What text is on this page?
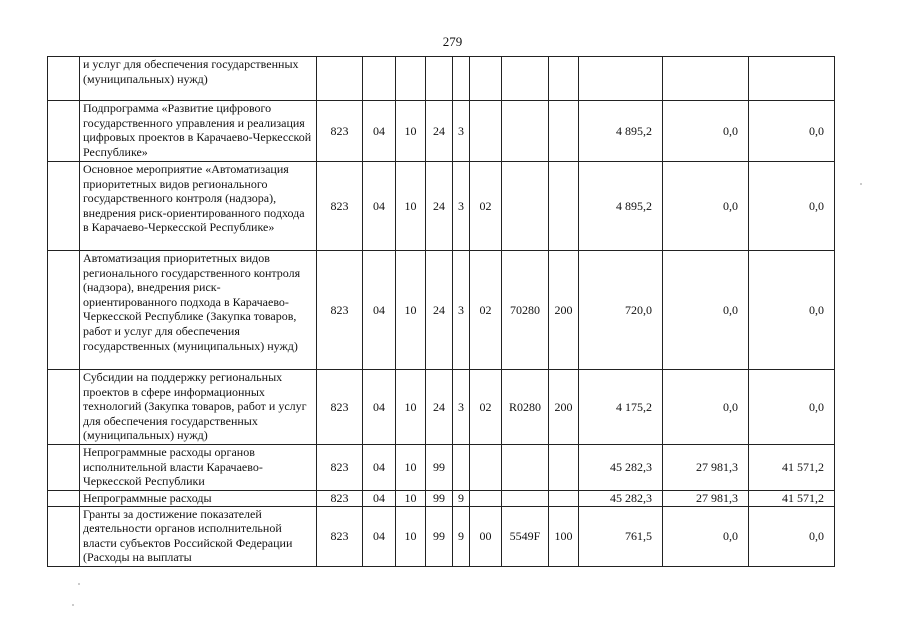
279
	и услуг для обеспечения государственных (муниципальных) нужд)											
	Подпрограмма «Развитие цифрового государственного управления и реализация цифровых проектов в Карачаево-Черкесской Республике»	823	04	10	24	3				4 895,2	0,0	0,0
	Основное мероприятие «Автоматизация приоритетных видов регионального государственного контроля (надзора), внедрения риск-ориентированного подхода в Карачаево-Черкесской Республике»	823	04	10	24	3	02			4 895,2	0,0	0,0
	Автоматизация приоритетных видов регионального государственного контроля (надзора), внедрения риск-ориентированного подхода в Карачаево-Черкесской Республике (Закупка товаров, работ и услуг для обеспечения государственных (муниципальных) нужд)	823	04	10	24	3	02	70280	200	720,0	0,0	0,0
	Субсидии на поддержку региональных проектов в сфере информационных технологий (Закупка товаров, работ и услуг для обеспечения государственных (муниципальных) нужд)	823	04	10	24	3	02	R0280	200	4 175,2	0,0	0,0
	Непрограммные расходы органов исполнительной власти Карачаево-Черкесской Республики	823	04	10	99					45 282,3	27 981,3	41 571,2
	Непрограммные расходы	823	04	10	99	9				45 282,3	27 981,3	41 571,2
	Гранты за достижение показателей деятельности органов исполнительной власти субъектов Российской Федерации (Расходы на выплаты	823	04	10	99	9	00	5549F	100	761,5	0,0	0,0
